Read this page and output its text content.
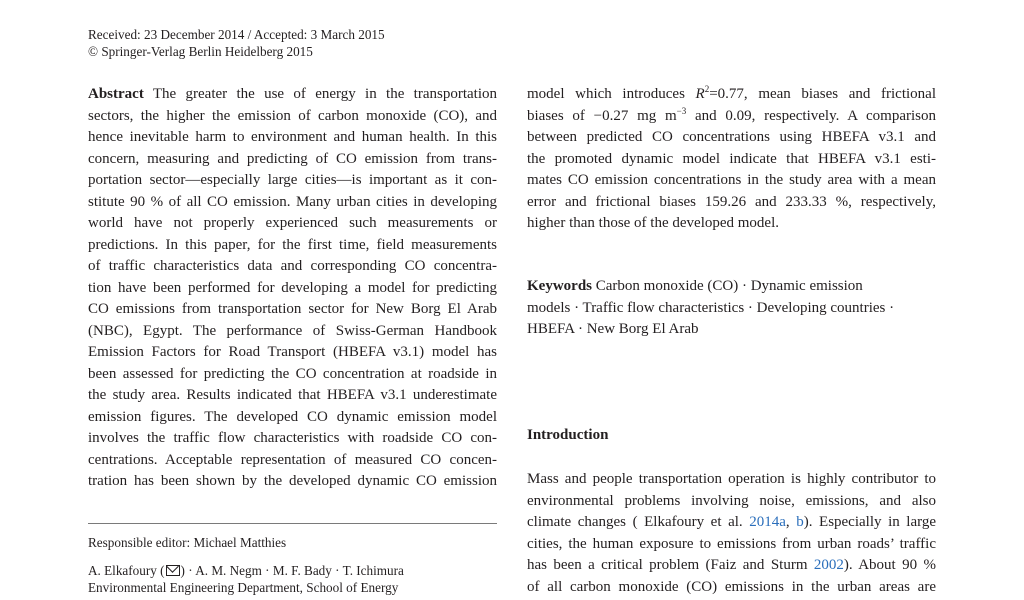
Received: 23 December 2014 / Accepted: 3 March 2015
© Springer-Verlag Berlin Heidelberg 2015
Abstract The greater the use of energy in the transportation
sectors, the higher the emission of carbon monoxide (CO), and
hence inevitable harm to environment and human health. In this
concern, measuring and predicting of CO emission from trans-
portation sector—especially large cities—is important as it con-
stitute 90 % of all CO emission. Many urban cities in developing
world have not properly experienced such measurements or
predictions. In this paper, for the first time, field measurements
of traffic characteristics data and corresponding CO concentra-
tion have been performed for developing a model for predicting
CO emissions from transportation sector for New Borg El Arab
(NBC), Egypt. The performance of Swiss-German Handbook
Emission Factors for Road Transport (HBEFA v3.1) model has
been assessed for predicting the CO concentration at roadside in
the study area. Results indicated that HBEFA v3.1 underestimate
emission figures. The developed CO dynamic emission model
involves the traffic flow characteristics with roadside CO con-
centrations. Acceptable representation of measured CO concen-
tration has been shown by the developed dynamic CO emission
model which introduces $R^2=0.77$, mean biases and frictional
biases of −0.27 mg $m^{-3}$ and 0.09, respectively. A comparison
between predicted CO concentrations using HBEFA v3.1 and
the promoted dynamic model indicate that HBEFA v3.1 esti-
mates CO emission concentrations in the study area with a mean
error and frictional biases 159.26 and 233.33 %, respectively,
higher than those of the developed model.
Keywords Carbon monoxide (CO) · Dynamic emission
models · Traffic flow characteristics · Developing countries ·
HBEFA · New Borg El Arab
Introduction
Mass and people transportation operation is highly contributor to
environmental problems involving noise, emissions, and also
climate changes ( Elkafoury et al. 2014a, b). Especially in large
cities, the human exposure to emissions from urban roads’ traffic
has been a critical problem (Faiz and Sturm 2002). About 90 %
of all carbon monoxide (CO) emissions in the urban areas are
Responsible editor: Michael Matthies
A. Elkafoury ( ) · A. M. Negm · M. F. Bady · T. Ichimura
Environmental Engineering Department, School of Energy
